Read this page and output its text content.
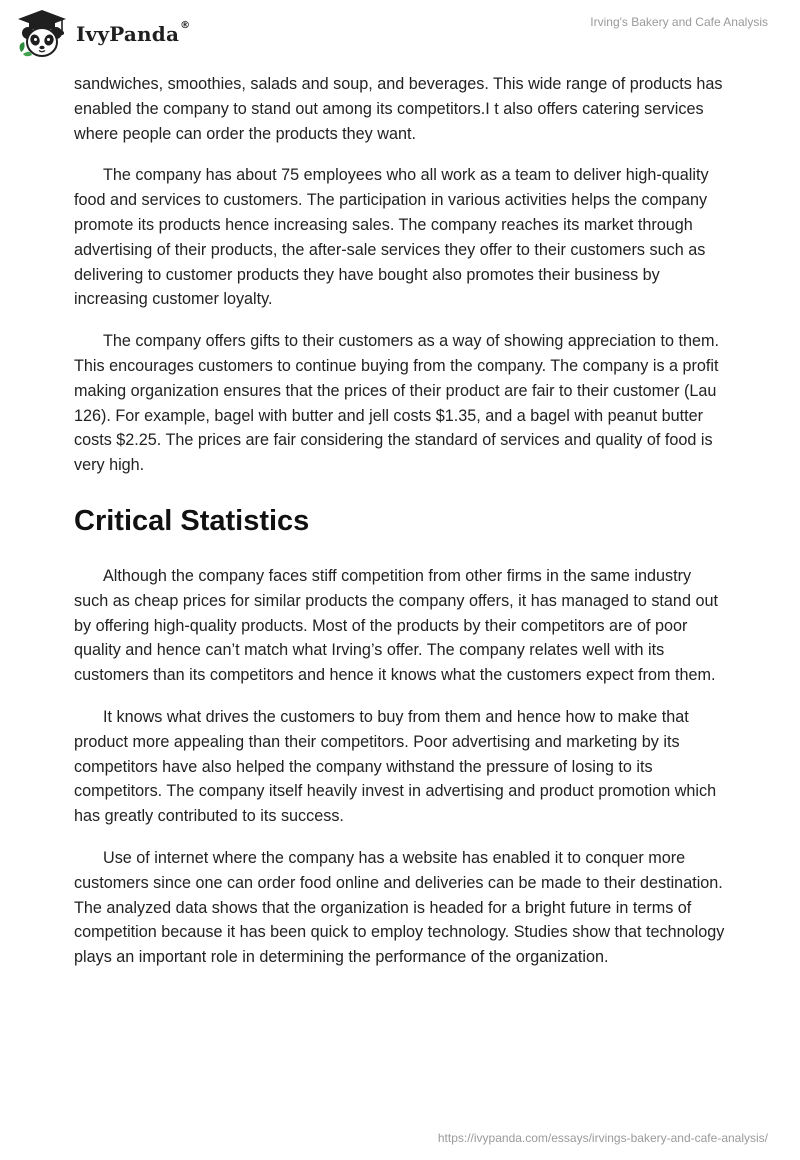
IvyPanda®	Irving's Bakery and Cafe Analysis

sandwiches, smoothies, salads and soup, and beverages. This wide range of products has enabled the company to stand out among its competitors.I t also offers catering services where people can order the products they want.

The company has about 75 employees who all work as a team to deliver high-quality food and services to customers. The participation in various activities helps the company promote its products hence increasing sales. The company reaches its market through advertising of their products, the after-sale services they offer to their customers such as delivering to customer products they have bought also promotes their business by increasing customer loyalty.

The company offers gifts to their customers as a way of showing appreciation to them. This encourages customers to continue buying from the company. The company is a profit making organization ensures that the prices of their product are fair to their customer (Lau 126). For example, bagel with butter and jell costs $1.35, and a bagel with peanut butter costs $2.25. The prices are fair considering the standard of services and quality of food is very high.

Critical Statistics

Although the company faces stiff competition from other firms in the same industry such as cheap prices for similar products the company offers, it has managed to stand out by offering high-quality products. Most of the products by their competitors are of poor quality and hence can’t match what Irving’s offer. The company relates well with its customers than its competitors and hence it knows what the customers expect from them.

It knows what drives the customers to buy from them and hence how to make that product more appealing than their competitors. Poor advertising and marketing by its competitors have also helped the company withstand the pressure of losing to its competitors. The company itself heavily invest in advertising and product promotion which has greatly contributed to its success.

Use of internet where the company has a website has enabled it to conquer more customers since one can order food online and deliveries can be made to their destination. The analyzed data shows that the organization is headed for a bright future in terms of competition because it has been quick to employ technology. Studies show that technology plays an important role in determining the performance of the organization.

https://ivypanda.com/essays/irvings-bakery-and-cafe-analysis/
